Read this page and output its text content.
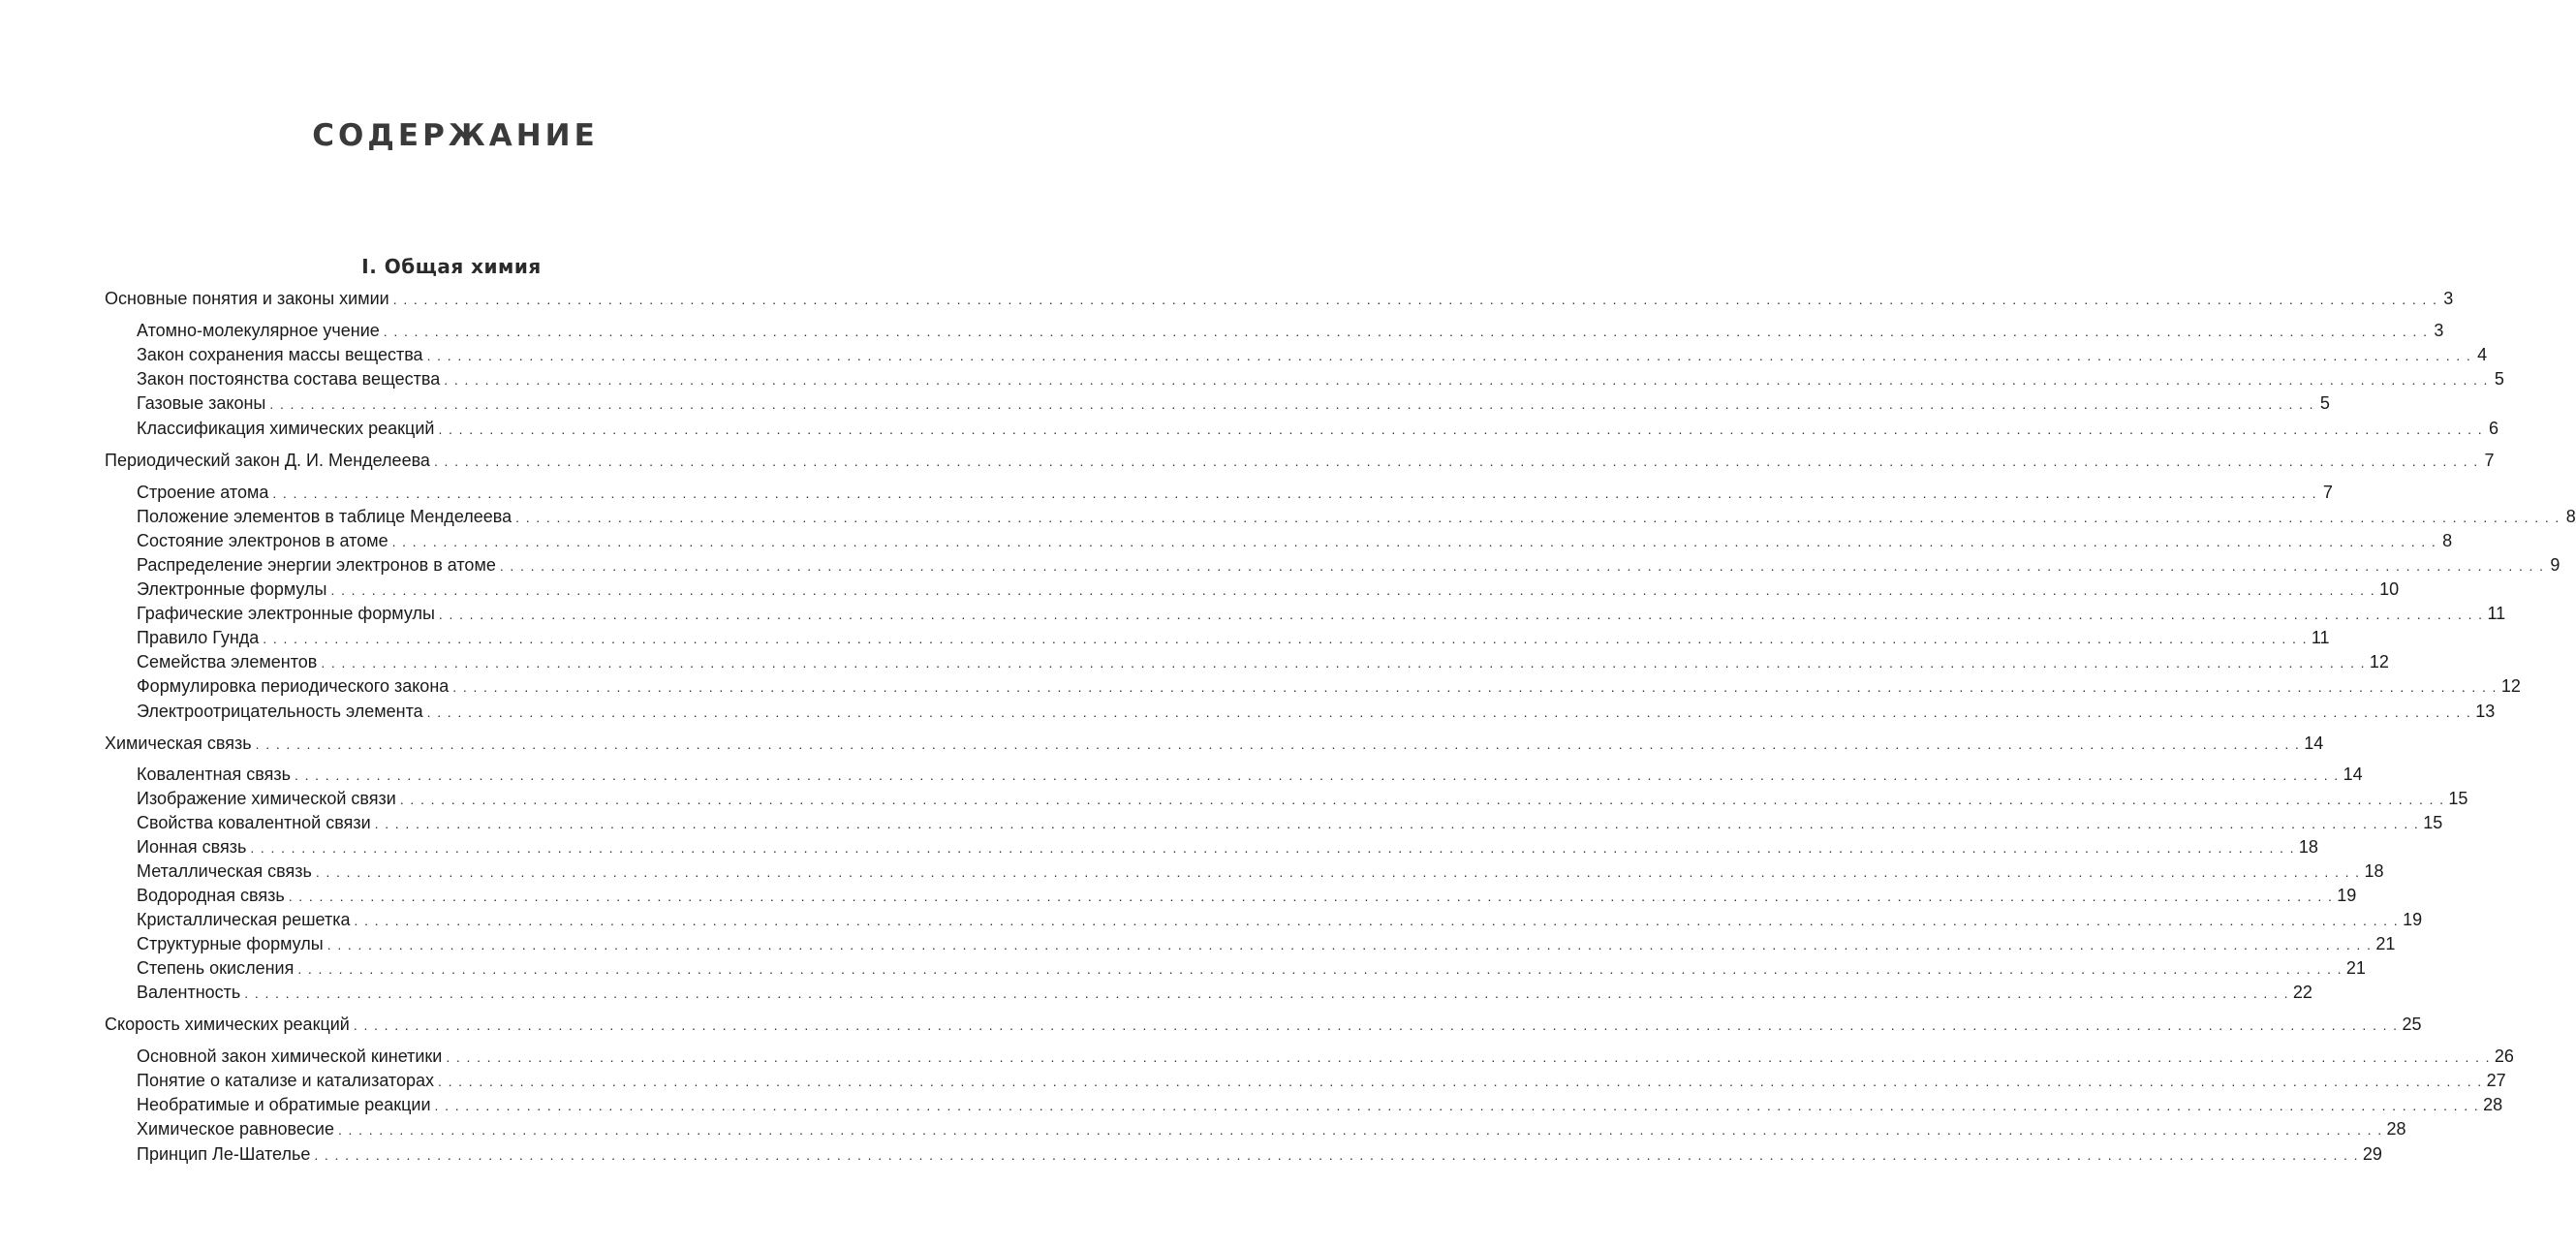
СОДЕРЖАНИЕ
I. Общая химия
Основные понятия и законы химии . . . . . . . . . . . . . . . . . . . . . . . . . . . . . . . . . . . . . . . . . . . . . . . . . . . . . . . . . . . . . . . . . . . . . . . . . . . . . . . . . . . . . . . . . . . . . . . . . . . . . . . . . . . . . . . . . . . . . . . . . . . . . . . . . . . . . . . . . . . . . . . . . . . . . . . . . . . . . . . . . . . . . . . . . . . . . . . . . . . . . . . . . . . . . . . . . . . . . . . . 3
Атомно-молекулярное учение . . . . . . . . . . . . . . . . . . . . . . . . . . . . . . . . . . . . . . . . . . . . . . . . . . . . . . . . . . . . . . . . . . . . . . . . . . . . . . . . . . . . . . . . . . . . . . . . . . . . . . . . . . . . . . . . . . . . . . . . . . . . . . . . . . . . . . . . . . . . . . . . . . . . . . . . . . . . . . . . . . . . . . . . . . . . . . . . . . . . . . . . . . . . . . . . . . . . . . . . 3
Закон сохранения массы вещества . . . . . . . . . . . . . . . . . . . . . . . . . . . . . . . . . . . . . . . . . . . . . . . . . . . . . . . . . . . . . . . . . . . . . . . . . . . . . . . . . . . . . . . . . . . . . . . . . . . . . . . . . . . . . . . . . . . . . . . . . . . . . . . . . . . . . . . . . . . . . . . . . . . . . . . . . . . . . . . . . . . . . . . . . . . . . . . . . . . . . . . . . . . . . . . . . . . . . . . . 4
Закон постоянства состава вещества . . . . . . . . . . . . . . . . . . . . . . . . . . . . . . . . . . . . . . . . . . . . . . . . . . . . . . . . . . . . . . . . . . . . . . . . . . . . . . . . . . . . . . . . . . . . . . . . . . . . . . . . . . . . . . . . . . . . . . . . . . . . . . . . . . . . . . . . . . . . . . . . . . . . . . . . . . . . . . . . . . . . . . . . . . . . . . . . . . . . . . . . . . . . . . . . . . . . . . . . 5
Газовые законы . . . . . . . . . . . . . . . . . . . . . . . . . . . . . . . . . . . . . . . . . . . . . . . . . . . . . . . . . . . . . . . . . . . . . . . . . . . . . . . . . . . . . . . . . . . . . . . . . . . . . . . . . . . . . . . . . . . . . . . . . . . . . . . . . . . . . . . . . . . . . . . . . . . . . . . . . . . . . . . . . . . . . . . . . . . . . . . . . . . . . . . . . . . . . . . . . . . . . . . . 5
Классификация химических реакций . . . . . . . . . . . . . . . . . . . . . . . . . . . . . . . . . . . . . . . . . . . . . . . . . . . . . . . . . . . . . . . . . . . . . . . . . . . . . . . . . . . . . . . . . . . . . . . . . . . . . . . . . . . . . . . . . . . . . . . . . . . . . . . . . . . . . . . . . . . . . . . . . . . . . . . . . . . . . . . . . . . . . . . . . . . . . . . . . . . . . . . . . . . . . . . . . . . . . . . . 6
Периодический закон Д. И. Менделеева . . . . . . . . . . . . . . . . . . . . . . . . . . . . . . . . . . . . . . . . . . . . . . . . . . . . . . . . . . . . . . . . . . . . . . . . . . . . . . . . . . . . . . . . . . . . . . . . . . . . . . . . . . . . . . . . . . . . . . . . . . . . . . . . . . . . . . . . . . . . . . . . . . . . . . . . . . . . . . . . . . . . . . . . . . . . . . . . . . . . . . . . . . . . . . . . . . . . . . . . 7
Строение атома . . . . . . . . . . . . . . . . . . . . . . . . . . . . . . . . . . . . . . . . . . . . . . . . . . . . . . . . . . . . . . . . . . . . . . . . . . . . . . . . . . . . . . . . . . . . . . . . . . . . . . . . . . . . . . . . . . . . . . . . . . . . . . . . . . . . . . . . . . . . . . . . . . . . . . . . . . . . . . . . . . . . . . . . . . . . . . . . . . . . . . . . . . . . . . . . . . . . . . . . 7
Положение элементов в таблице Менделеева . . . . . . . . . . . . . . . . . . . . . . . . . . . . . . . . . . . . . . . . . . . . . . . . . . . . . . . . . . . . . . . . . . . . . . . . . . . . . . . . . . . . . . . . . . . . . . . . . . . . . . . . . . . . . . . . . . . . . . . . . . . . . . . . . . . . . . . . . . . . . . . . . . . . . . . . . . . . . . . . . . . . . . . . . . . . . . . . . . . . . . . . . . . . . . . . . . . . . . . . 8
Состояние электронов в атоме . . . . . . . . . . . . . . . . . . . . . . . . . . . . . . . . . . . . . . . . . . . . . . . . . . . . . . . . . . . . . . . . . . . . . . . . . . . . . . . . . . . . . . . . . . . . . . . . . . . . . . . . . . . . . . . . . . . . . . . . . . . . . . . . . . . . . . . . . . . . . . . . . . . . . . . . . . . . . . . . . . . . . . . . . . . . . . . . . . . . . . . . . . . . . . . . . . . . . . . . 8
Распределение энергии электронов в атоме . . . . . . . . . . . . . . . . . . . . . . . . . . . . . . . . . . . . . . . . . . . . . . . . . . . . . . . . . . . . . . . . . . . . . . . . . . . . . . . . . . . . . . . . . . . . . . . . . . . . . . . . . . . . . . . . . . . . . . . . . . . . . . . . . . . . . . . . . . . . . . . . . . . . . . . . . . . . . . . . . . . . . . . . . . . . . . . . . . . . . . . . . . . . . . . . . . . . . . . . 9
Электронные формулы . . . . . . . . . . . . . . . . . . . . . . . . . . . . . . . . . . . . . . . . . . . . . . . . . . . . . . . . . . . . . . . . . . . . . . . . . . . . . . . . . . . . . . . . . . . . . . . . . . . . . . . . . . . . . . . . . . . . . . . . . . . . . . . . . . . . . . . . . . . . . . . . . . . . . . . . . . . . . . . . . . . . . . . . . . . . . . . . . . . . . . . . . . . . . . . . . . . . . . . . 10
Графические электронные формулы . . . . . . . . . . . . . . . . . . . . . . . . . . . . . . . . . . . . . . . . . . . . . . . . . . . . . . . . . . . . . . . . . . . . . . . . . . . . . . . . . . . . . . . . . . . . . . . . . . . . . . . . . . . . . . . . . . . . . . . . . . . . . . . . . . . . . . . . . . . . . . . . . . . . . . . . . . . . . . . . . . . . . . . . . . . . . . . . . . . . . . . . . . . . . . . . . . . . . . . . 11
Правило Гунда . . . . . . . . . . . . . . . . . . . . . . . . . . . . . . . . . . . . . . . . . . . . . . . . . . . . . . . . . . . . . . . . . . . . . . . . . . . . . . . . . . . . . . . . . . . . . . . . . . . . . . . . . . . . . . . . . . . . . . . . . . . . . . . . . . . . . . . . . . . . . . . . . . . . . . . . . . . . . . . . . . . . . . . . . . . . . . . . . . . . . . . . . . . . . . . . . . . . . . . . 11
Семейства элементов . . . . . . . . . . . . . . . . . . . . . . . . . . . . . . . . . . . . . . . . . . . . . . . . . . . . . . . . . . . . . . . . . . . . . . . . . . . . . . . . . . . . . . . . . . . . . . . . . . . . . . . . . . . . . . . . . . . . . . . . . . . . . . . . . . . . . . . . . . . . . . . . . . . . . . . . . . . . . . . . . . . . . . . . . . . . . . . . . . . . . . . . . . . . . . . . . . . . . . . . 12
Формулировка периодического закона . . . . . . . . . . . . . . . . . . . . . . . . . . . . . . . . . . . . . . . . . . . . . . . . . . . . . . . . . . . . . . . . . . . . . . . . . . . . . . . . . . . . . . . . . . . . . . . . . . . . . . . . . . . . . . . . . . . . . . . . . . . . . . . . . . . . . . . . . . . . . . . . . . . . . . . . . . . . . . . . . . . . . . . . . . . . . . . . . . . . . . . . . . . . . . . . . . . . . . . . 12
Электроотрицательность элемента . . . . . . . . . . . . . . . . . . . . . . . . . . . . . . . . . . . . . . . . . . . . . . . . . . . . . . . . . . . . . . . . . . . . . . . . . . . . . . . . . . . . . . . . . . . . . . . . . . . . . . . . . . . . . . . . . . . . . . . . . . . . . . . . . . . . . . . . . . . . . . . . . . . . . . . . . . . . . . . . . . . . . . . . . . . . . . . . . . . . . . . . . . . . . . . . . . . . . . . . 13
Химическая связь . . . . . . . . . . . . . . . . . . . . . . . . . . . . . . . . . . . . . . . . . . . . . . . . . . . . . . . . . . . . . . . . . . . . . . . . . . . . . . . . . . . . . . . . . . . . . . . . . . . . . . . . . . . . . . . . . . . . . . . . . . . . . . . . . . . . . . . . . . . . . . . . . . . . . . . . . . . . . . . . . . . . . . . . . . . . . . . . . . . . . . . . . . . . . . . . . . . . . . . . 14
Ковалентная связь . . . . . . . . . . . . . . . . . . . . . . . . . . . . . . . . . . . . . . . . . . . . . . . . . . . . . . . . . . . . . . . . . . . . . . . . . . . . . . . . . . . . . . . . . . . . . . . . . . . . . . . . . . . . . . . . . . . . . . . . . . . . . . . . . . . . . . . . . . . . . . . . . . . . . . . . . . . . . . . . . . . . . . . . . . . . . . . . . . . . . . . . . . . . . . . . . . . . . . . . 14
Изображение химической связи . . . . . . . . . . . . . . . . . . . . . . . . . . . . . . . . . . . . . . . . . . . . . . . . . . . . . . . . . . . . . . . . . . . . . . . . . . . . . . . . . . . . . . . . . . . . . . . . . . . . . . . . . . . . . . . . . . . . . . . . . . . . . . . . . . . . . . . . . . . . . . . . . . . . . . . . . . . . . . . . . . . . . . . . . . . . . . . . . . . . . . . . . . . . . . . . . . . . . . . . 15
Свойства ковалентной связи . . . . . . . . . . . . . . . . . . . . . . . . . . . . . . . . . . . . . . . . . . . . . . . . . . . . . . . . . . . . . . . . . . . . . . . . . . . . . . . . . . . . . . . . . . . . . . . . . . . . . . . . . . . . . . . . . . . . . . . . . . . . . . . . . . . . . . . . . . . . . . . . . . . . . . . . . . . . . . . . . . . . . . . . . . . . . . . . . . . . . . . . . . . . . . . . . . . . . . . . 15
Ионная связь . . . . . . . . . . . . . . . . . . . . . . . . . . . . . . . . . . . . . . . . . . . . . . . . . . . . . . . . . . . . . . . . . . . . . . . . . . . . . . . . . . . . . . . . . . . . . . . . . . . . . . . . . . . . . . . . . . . . . . . . . . . . . . . . . . . . . . . . . . . . . . . . . . . . . . . . . . . . . . . . . . . . . . . . . . . . . . . . . . . . . . . . . . . . . . . . . . . . . . . . 18
Металлическая связь . . . . . . . . . . . . . . . . . . . . . . . . . . . . . . . . . . . . . . . . . . . . . . . . . . . . . . . . . . . . . . . . . . . . . . . . . . . . . . . . . . . . . . . . . . . . . . . . . . . . . . . . . . . . . . . . . . . . . . . . . . . . . . . . . . . . . . . . . . . . . . . . . . . . . . . . . . . . . . . . . . . . . . . . . . . . . . . . . . . . . . . . . . . . . . . . . . . . . . . . 18
Водородная связь . . . . . . . . . . . . . . . . . . . . . . . . . . . . . . . . . . . . . . . . . . . . . . . . . . . . . . . . . . . . . . . . . . . . . . . . . . . . . . . . . . . . . . . . . . . . . . . . . . . . . . . . . . . . . . . . . . . . . . . . . . . . . . . . . . . . . . . . . . . . . . . . . . . . . . . . . . . . . . . . . . . . . . . . . . . . . . . . . . . . . . . . . . . . . . . . . . . . . . . . 19
Кристаллическая решетка . . . . . . . . . . . . . . . . . . . . . . . . . . . . . . . . . . . . . . . . . . . . . . . . . . . . . . . . . . . . . . . . . . . . . . . . . . . . . . . . . . . . . . . . . . . . . . . . . . . . . . . . . . . . . . . . . . . . . . . . . . . . . . . . . . . . . . . . . . . . . . . . . . . . . . . . . . . . . . . . . . . . . . . . . . . . . . . . . . . . . . . . . . . . . . . . . . . . . . . . 19
Структурные формулы . . . . . . . . . . . . . . . . . . . . . . . . . . . . . . . . . . . . . . . . . . . . . . . . . . . . . . . . . . . . . . . . . . . . . . . . . . . . . . . . . . . . . . . . . . . . . . . . . . . . . . . . . . . . . . . . . . . . . . . . . . . . . . . . . . . . . . . . . . . . . . . . . . . . . . . . . . . . . . . . . . . . . . . . . . . . . . . . . . . . . . . . . . . . . . . . . . . . . . . . 21
Степень окисления . . . . . . . . . . . . . . . . . . . . . . . . . . . . . . . . . . . . . . . . . . . . . . . . . . . . . . . . . . . . . . . . . . . . . . . . . . . . . . . . . . . . . . . . . . . . . . . . . . . . . . . . . . . . . . . . . . . . . . . . . . . . . . . . . . . . . . . . . . . . . . . . . . . . . . . . . . . . . . . . . . . . . . . . . . . . . . . . . . . . . . . . . . . . . . . . . . . . . . . . 21
Валентность . . . . . . . . . . . . . . . . . . . . . . . . . . . . . . . . . . . . . . . . . . . . . . . . . . . . . . . . . . . . . . . . . . . . . . . . . . . . . . . . . . . . . . . . . . . . . . . . . . . . . . . . . . . . . . . . . . . . . . . . . . . . . . . . . . . . . . . . . . . . . . . . . . . . . . . . . . . . . . . . . . . . . . . . . . . . . . . . . . . . . . . . . . . . . . . . . . . . . . . . 22
Скорость химических реакций . . . . . . . . . . . . . . . . . . . . . . . . . . . . . . . . . . . . . . . . . . . . . . . . . . . . . . . . . . . . . . . . . . . . . . . . . . . . . . . . . . . . . . . . . . . . . . . . . . . . . . . . . . . . . . . . . . . . . . . . . . . . . . . . . . . . . . . . . . . . . . . . . . . . . . . . . . . . . . . . . . . . . . . . . . . . . . . . . . . . . . . . . . . . . . . . . . . . . . . . 25
Основной закон химической кинетики . . . . . . . . . . . . . . . . . . . . . . . . . . . . . . . . . . . . . . . . . . . . . . . . . . . . . . . . . . . . . . . . . . . . . . . . . . . . . . . . . . . . . . . . . . . . . . . . . . . . . . . . . . . . . . . . . . . . . . . . . . . . . . . . . . . . . . . . . . . . . . . . . . . . . . . . . . . . . . . . . . . . . . . . . . . . . . . . . . . . . . . . . . . . . . . . . . . . . . . . 26
Понятие о катализе и катализаторах . . . . . . . . . . . . . . . . . . . . . . . . . . . . . . . . . . . . . . . . . . . . . . . . . . . . . . . . . . . . . . . . . . . . . . . . . . . . . . . . . . . . . . . . . . . . . . . . . . . . . . . . . . . . . . . . . . . . . . . . . . . . . . . . . . . . . . . . . . . . . . . . . . . . . . . . . . . . . . . . . . . . . . . . . . . . . . . . . . . . . . . . . . . . . . . . . . . . . . . . 27
Необратимые и обратимые реакции . . . . . . . . . . . . . . . . . . . . . . . . . . . . . . . . . . . . . . . . . . . . . . . . . . . . . . . . . . . . . . . . . . . . . . . . . . . . . . . . . . . . . . . . . . . . . . . . . . . . . . . . . . . . . . . . . . . . . . . . . . . . . . . . . . . . . . . . . . . . . . . . . . . . . . . . . . . . . . . . . . . . . . . . . . . . . . . . . . . . . . . . . . . . . . . . . . . . . . . . 28
Химическое равновесие . . . . . . . . . . . . . . . . . . . . . . . . . . . . . . . . . . . . . . . . . . . . . . . . . . . . . . . . . . . . . . . . . . . . . . . . . . . . . . . . . . . . . . . . . . . . . . . . . . . . . . . . . . . . . . . . . . . . . . . . . . . . . . . . . . . . . . . . . . . . . . . . . . . . . . . . . . . . . . . . . . . . . . . . . . . . . . . . . . . . . . . . . . . . . . . . . . . . . . . . 28
Принцип Ле-Шателье . . . . . . . . . . . . . . . . . . . . . . . . . . . . . . . . . . . . . . . . . . . . . . . . . . . . . . . . . . . . . . . . . . . . . . . . . . . . . . . . . . . . . . . . . . . . . . . . . . . . . . . . . . . . . . . . . . . . . . . . . . . . . . . . . . . . . . . . . . . . . . . . . . . . . . . . . . . . . . . . . . . . . . . . . . . . . . . . . . . . . . . . . . . . . . . . . . . . . . . . 29
